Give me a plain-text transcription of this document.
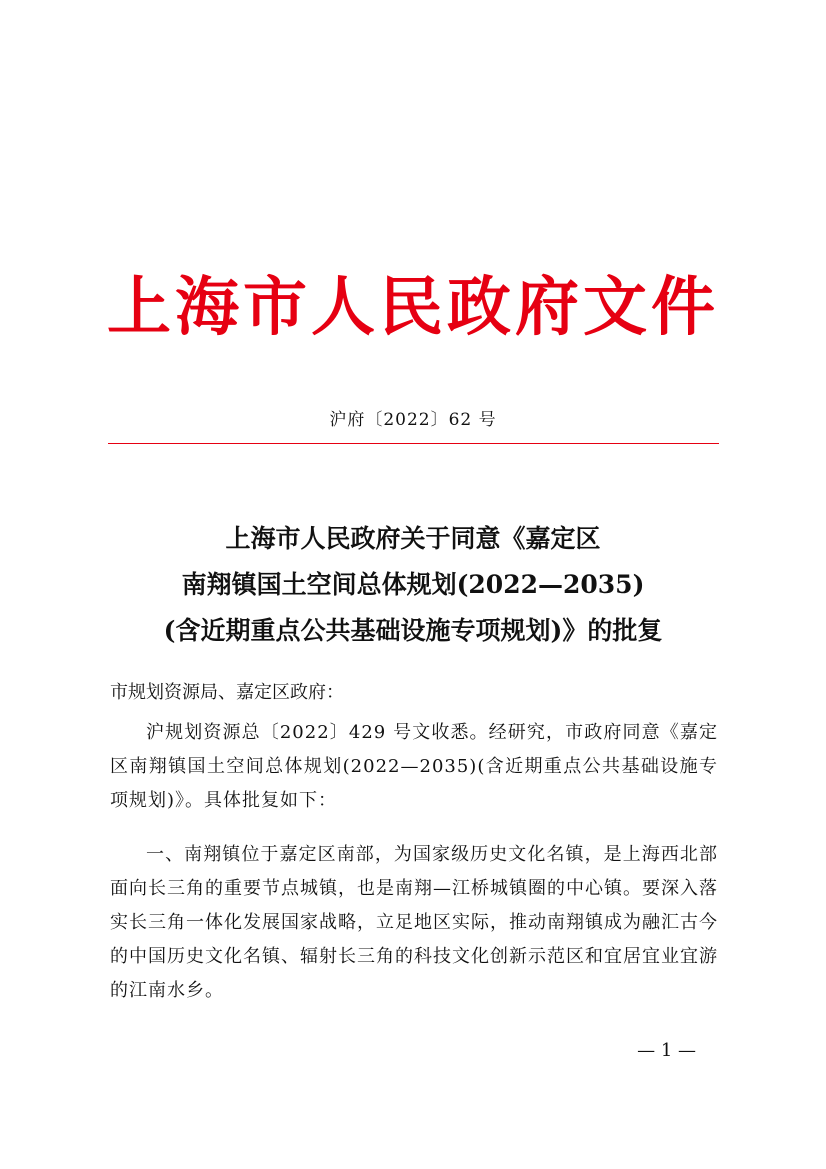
上海市人民政府文件
沪府〔2022〕62 号
上海市人民政府关于同意《嘉定区
南翔镇国土空间总体规划(2022—2035)
(含近期重点公共基础设施专项规划)》的批复
市规划资源局、嘉定区政府：
沪规划资源总〔2022〕429 号文收悉。经研究，市政府同意《嘉定区南翔镇国土空间总体规划(2022—2035)(含近期重点公共基础设施专项规划)》。具体批复如下：
一、南翔镇位于嘉定区南部，为国家级历史文化名镇，是上海西北部面向长三角的重要节点城镇，也是南翔—江桥城镇圈的中心镇。要深入落实长三角一体化发展国家战略，立足地区实际，推动南翔镇成为融汇古今的中国历史文化名镇、辐射长三角的科技文化创新示范区和宜居宜业宜游的江南水乡。
— 1 —
